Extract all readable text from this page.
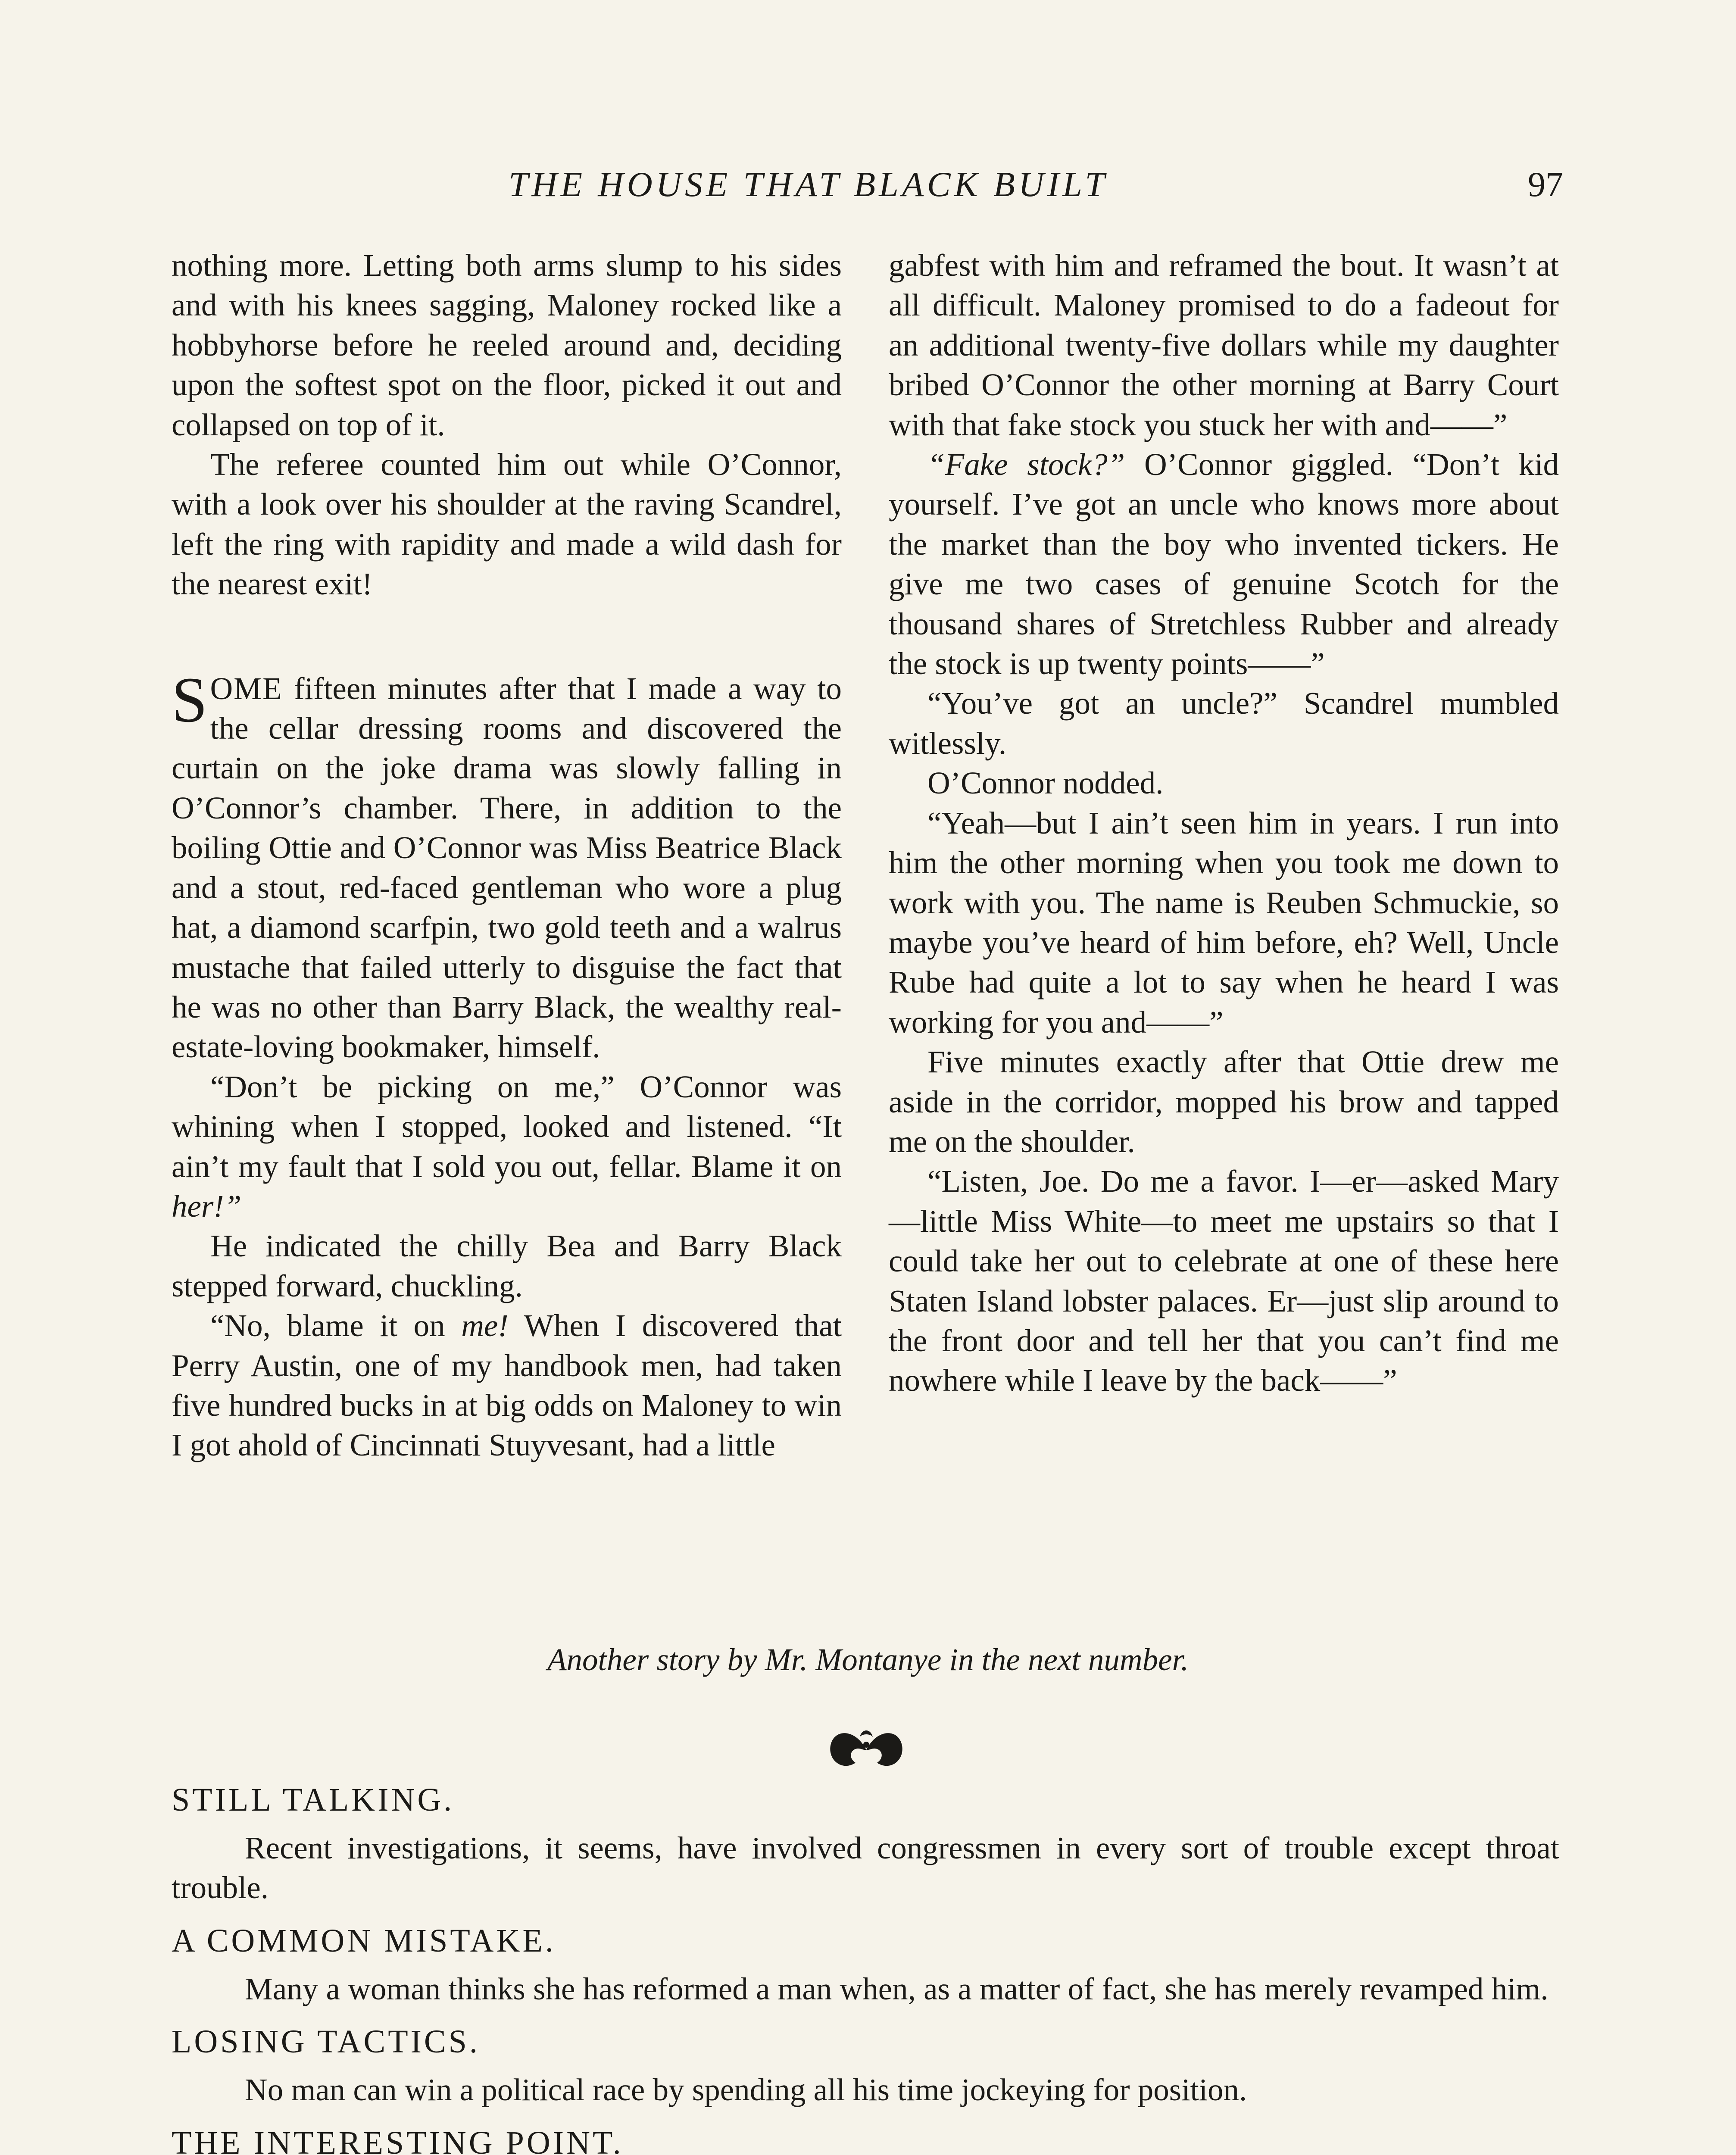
THE HOUSE THAT BLACK BUILT	97

nothing more. Letting both arms slump to his sides and with his knees sagging, Maloney rocked like a hobbyhorse before he reeled around and, deciding upon the softest spot on the floor, picked it out and collapsed on top of it.

The referee counted him out while O’Connor, with a look over his shoulder at the raving Scandrel, left the ring with rapidity and made a wild dash for the nearest exit!

SOME fifteen minutes after that I made a way to the cellar dressing rooms and discovered the curtain on the joke drama was slowly falling in O’Connor’s chamber. There, in addition to the boiling Ottie and O’Connor was Miss Beatrice Black and a stout, red-faced gentleman who wore a plug hat, a diamond scarfpin, two gold teeth and a walrus mustache that failed utterly to disguise the fact that he was no other than Barry Black, the wealthy real-estate-loving bookmaker, himself.

“Don’t be picking on me,” O’Connor was whining when I stopped, looked and listened. “It ain’t my fault that I sold you out, fellar. Blame it on her!”

He indicated the chilly Bea and Barry Black stepped forward, chuckling.

“No, blame it on me! When I discovered that Perry Austin, one of my handbook men, had taken five hundred bucks in at big odds on Maloney to win I got ahold of Cincinnati Stuyvesant, had a little

gabfest with him and reframed the bout. It wasn’t at all difficult. Maloney promised to do a fadeout for an additional twenty-five dollars while my daughter bribed O’Connor the other morning at Barry Court with that fake stock you stuck her with and——”

“Fake stock?” O’Connor giggled. “Don’t kid yourself. I’ve got an uncle who knows more about the market than the boy who invented tickers. He give me two cases of genuine Scotch for the thousand shares of Stretchless Rubber and already the stock is up twenty points——”

“You’ve got an uncle?” Scandrel mumbled witlessly.

O’Connor nodded.

“Yeah—but I ain’t seen him in years. I run into him the other morning when you took me down to work with you. The name is Reuben Schmuckie, so maybe you’ve heard of him before, eh? Well, Uncle Rube had quite a lot to say when he heard I was working for you and——”

Five minutes exactly after that Ottie drew me aside in the corridor, mopped his brow and tapped me on the shoulder.

“Listen, Joe. Do me a favor. I—er—asked Mary—little Miss White—to meet me upstairs so that I could take her out to celebrate at one of these here Staten Island lobster palaces. Er—just slip around to the front door and tell her that you can’t find me nowhere while I leave by the back——”

Another story by Mr. Montanye in the next number.

STILL TALKING.

Recent investigations, it seems, have involved congressmen in every sort of trouble except throat trouble.

A COMMON MISTAKE.

Many a woman thinks she has reformed a man when, as a matter of fact, she has merely revamped him.

LOSING TACTICS.

No man can win a political race by spending all his time jockeying for position.

THE INTERESTING POINT.
